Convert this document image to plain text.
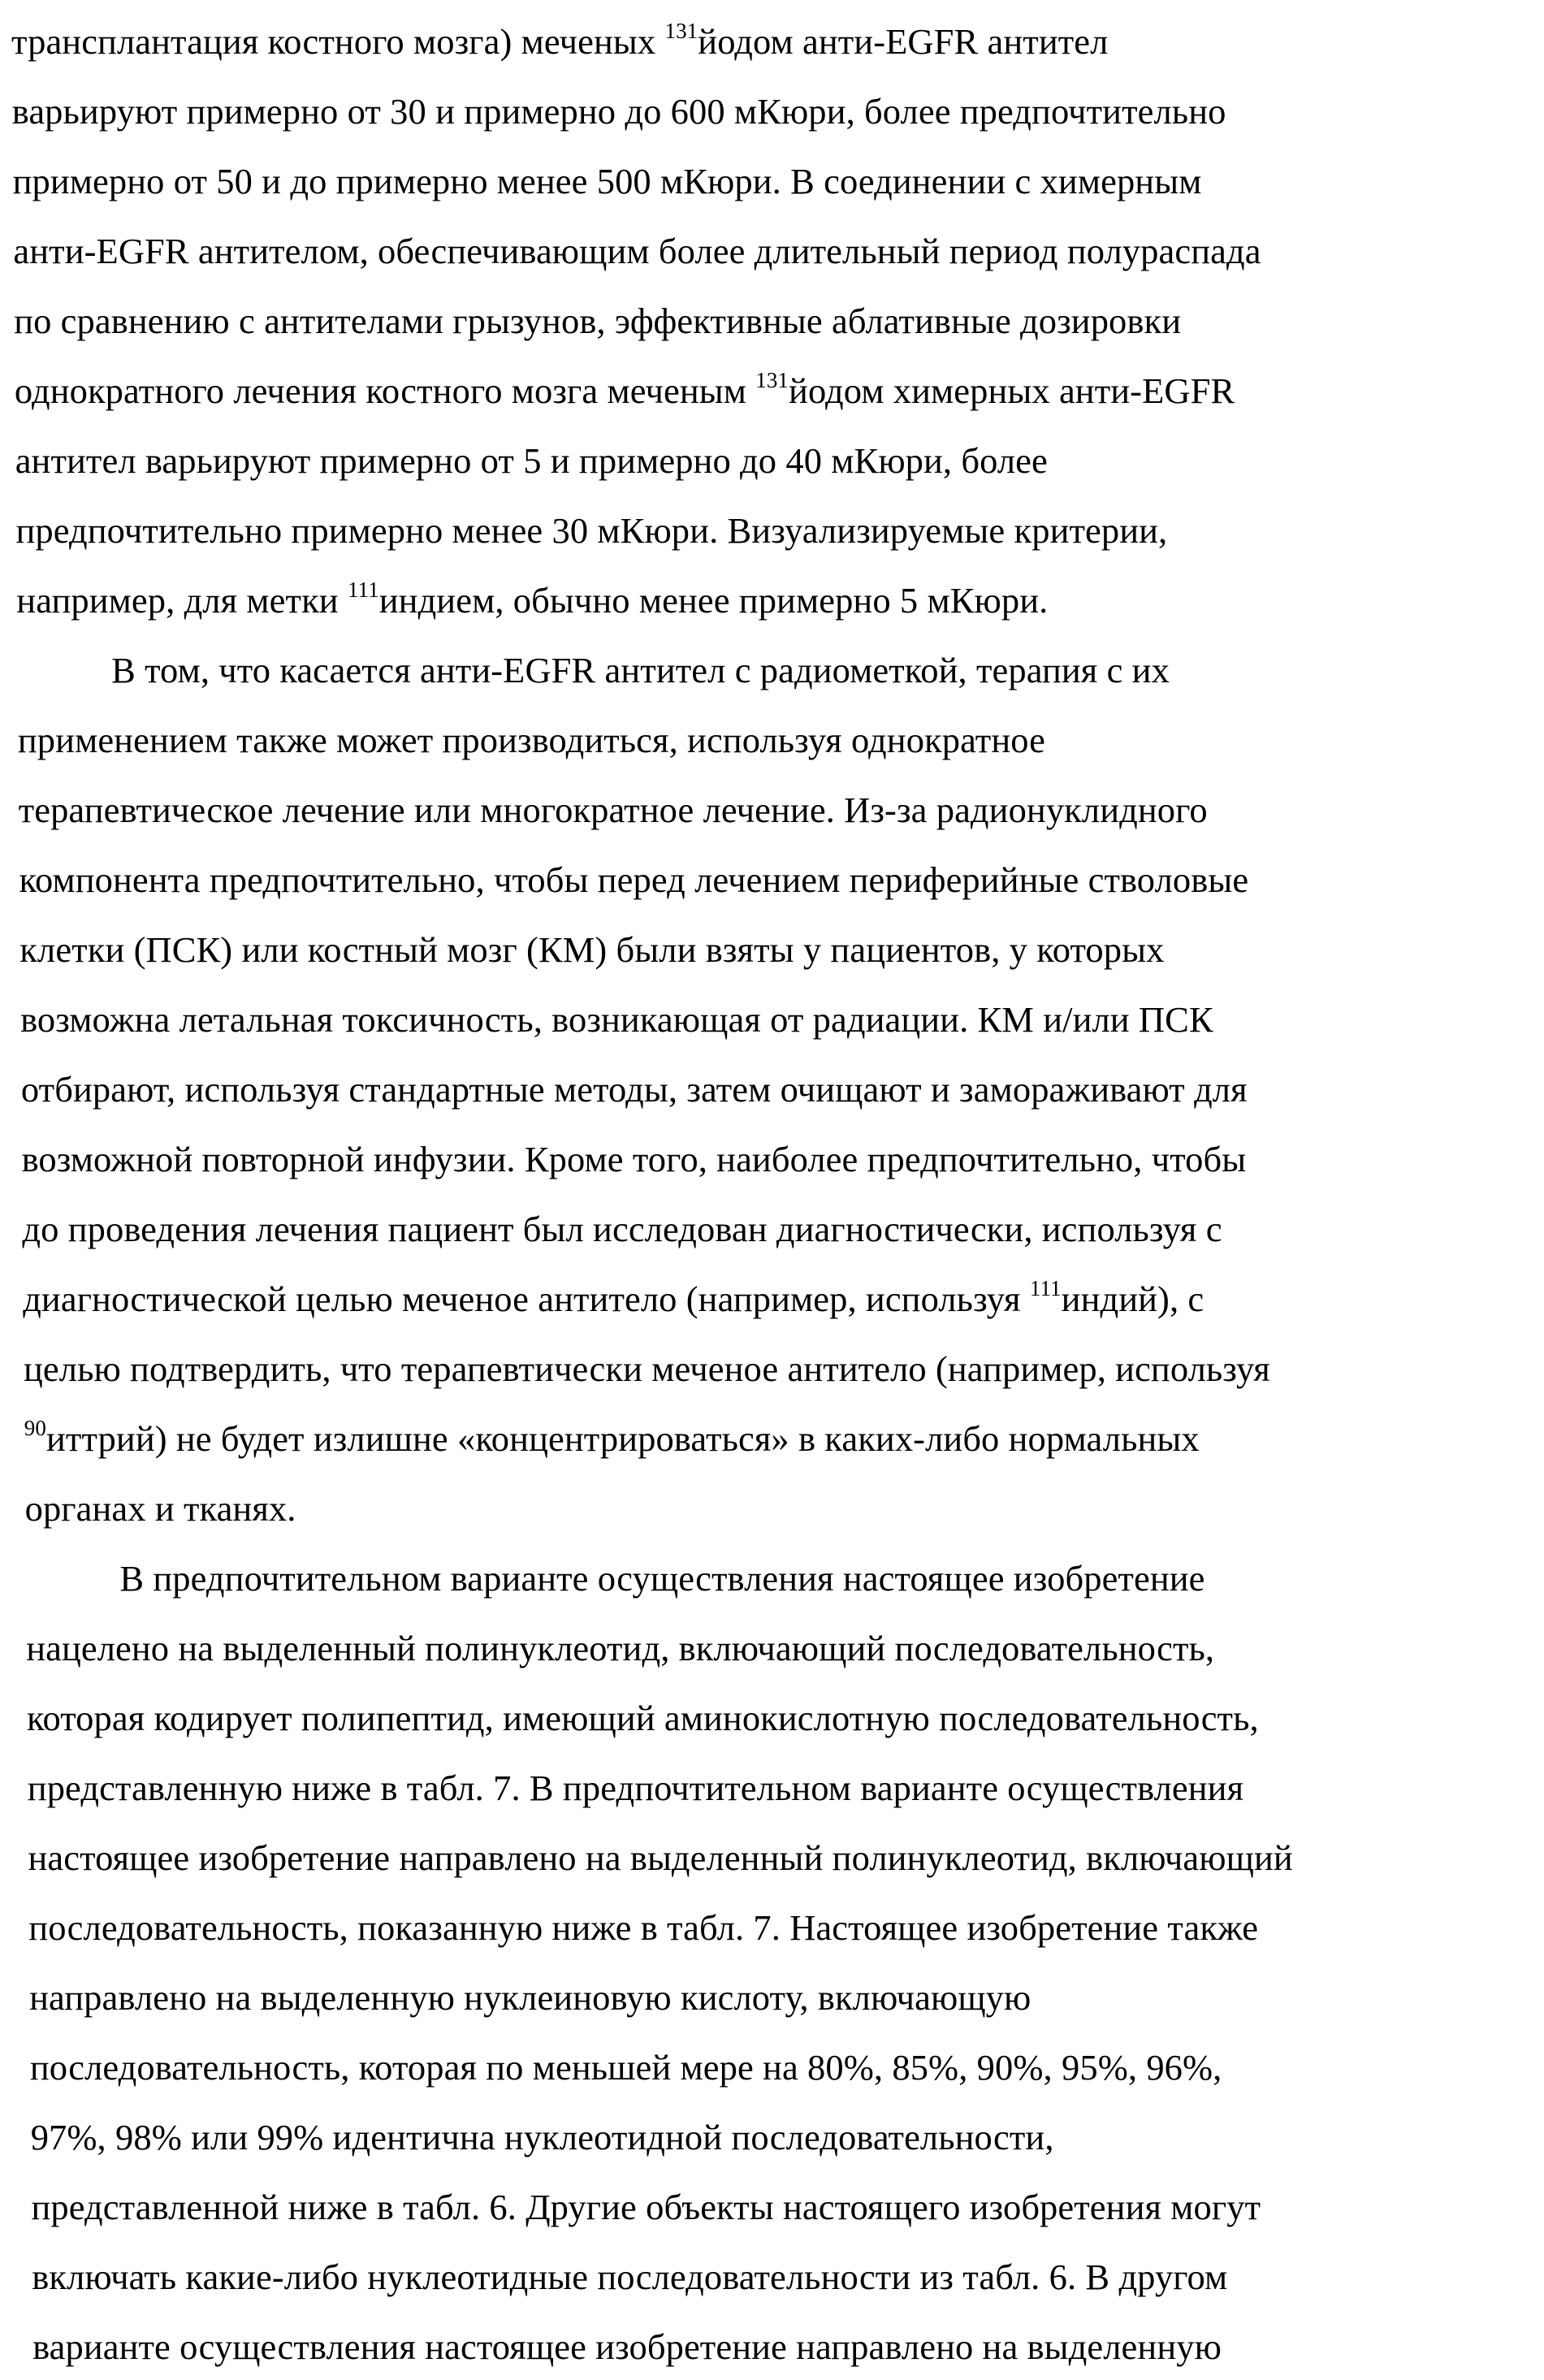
трансплантация костного мозга) меченых $^{131}$йодом анти-EGFR антител
варьируют примерно от 30 и примерно до 600 мКюри, более предпочтительно
примерно от 50 и до примерно менее 500 мКюри. В соединении с химерным
анти-EGFR антителом, обеспечивающим более длительный период полураспада
по сравнению с антителами грызунов, эффективные аблативные дозировки
однократного лечения костного мозга меченым $^{131}$йодом химерных анти-EGFR
антител варьируют примерно от 5 и примерно до 40 мКюри, более
предпочтительно примерно менее 30 мКюри. Визуализируемые критерии,
например, для метки $^{111}$индием, обычно менее примерно 5 мКюри.
В том, что касается анти-EGFR антител с радиометкой, терапия с их
применением также может производиться, используя однократное
терапевтическое лечение или многократное лечение. Из-за радионуклидного
компонента предпочтительно, чтобы перед лечением периферийные стволовые
клетки (ПСК) или костный мозг (КМ) были взяты у пациентов, у которых
возможна летальная токсичность, возникающая от радиации. КМ и/или ПСК
отбирают, используя стандартные методы, затем очищают и замораживают для
возможной повторной инфузии. Кроме того, наиболее предпочтительно, чтобы
до проведения лечения пациент был исследован диагностически, используя с
диагностической целью меченое антитело (например, используя $^{111}$индий), с
целью подтвердить, что терапевтически меченое антитело (например, используя
$^{90}$иттрий) не будет излишне «концентрироваться» в каких-либо нормальных
органах и тканях.
В предпочтительном варианте осуществления настоящее изобретение
нацелено на выделенный полинуклеотид, включающий последовательность,
которая кодирует полипептид, имеющий аминокислотную последовательность,
представленную ниже в табл. 7. В предпочтительном варианте осуществления
настоящее изобретение направлено на выделенный полинуклеотид, включающий
последовательность, показанную ниже в табл. 7. Настоящее изобретение также
направлено на выделенную нуклеиновую кислоту, включающую
последовательность, которая по меньшей мере на 80%, 85%, 90%, 95%, 96%,
97%, 98% или 99% идентична нуклеотидной последовательности,
представленной ниже в табл. 6. Другие объекты настоящего изобретения могут
включать какие-либо нуклеотидные последовательности из табл. 6. В другом
варианте осуществления настоящее изобретение направлено на выделенную
